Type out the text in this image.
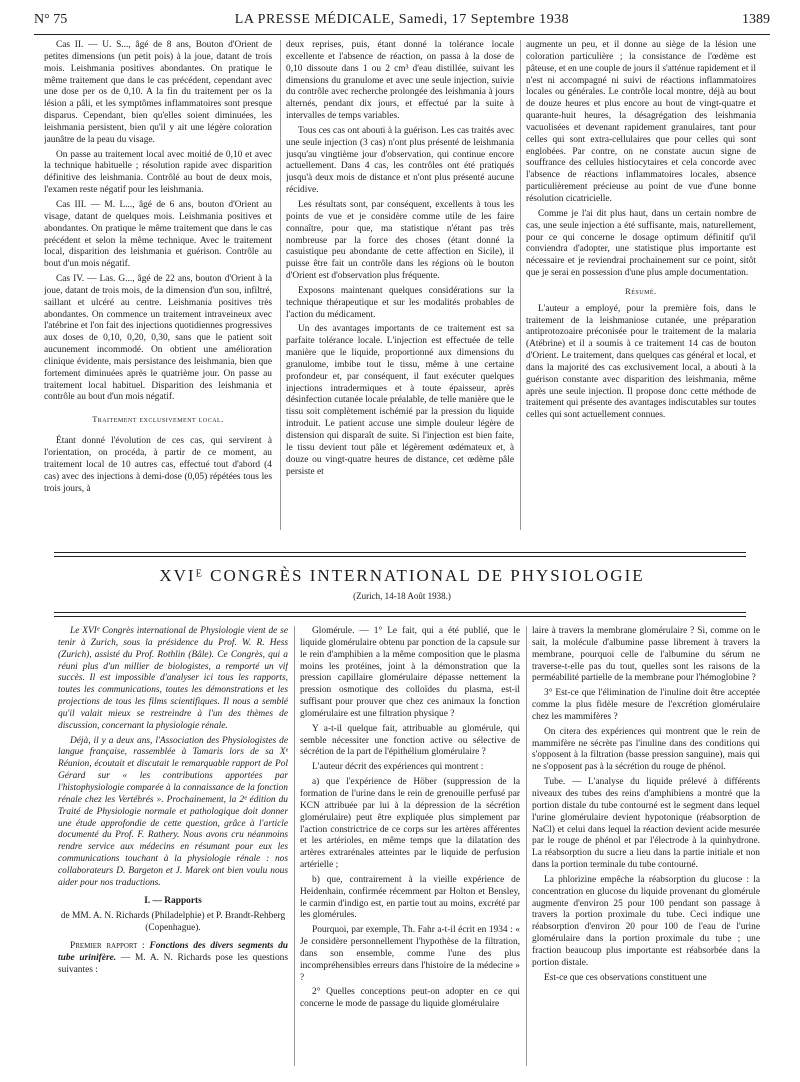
N° 75	LA PRESSE MÉDICALE, Samedi, 17 Septembre 1938	1389

Cas II. — U. S..., âgé de 8 ans, Bouton d'Orient de petites dimensions (un petit pois) à la joue, datant de trois mois. Leishmania positives abondantes. On pratique le même traitement que dans le cas précédent, cependant avec une dose per os de 0,10. A la fin du traitement per os la lésion a pâli, et les symptômes inflammatoires sont presque disparus. Cependant, bien qu'elles soient diminuées, les leishmania persistent, bien qu'il y ait une légère coloration jaunâtre de la peau du visage.

On passe au traitement local avec moitié de 0,10 et avec la technique habituelle ; résolution rapide avec disparition définitive des leishmania. Contrôlé au bout de deux mois, l'examen reste négatif pour les leishmania.

Cas III. — M. L..., âgé de 6 ans, bouton d'Orient au visage, datant de quelques mois. Leishmania positives et abondantes. On pratique le même traitement que dans le cas précédent et selon la même technique. Avec le traitement local, disparition des leishmania et guérison. Contrôle au bout d'un mois négatif.

Cas IV. — Las. G..., âgé de 22 ans, bouton d'Orient à la joue, datant de trois mois, de la dimension d'un sou, infiltré, saillant et ulcéré au centre. Leishmania positives très abondantes. On commence un traitement intraveineux avec l'atébrine et l'on fait des injections quotidiennes progressives aux doses de 0,10, 0,20, 0,30, sans que le patient soit aucunement incommodé. On obtient une amélioration clinique évidente, mais persistance des leishmania, bien que fortement diminuées après le quatrième jour. On passe au traitement local habituel. Disparition des leishmania et contrôle au bout d'un mois négatif.

Traitement exclusivement local.

Étant donné l'évolution de ces cas, qui servirent à l'orientation, on procéda, à partir de ce moment, au traitement local de 10 autres cas, effectué tout d'abord (4 cas) avec des injections à demi-dose (0,05) répétées tous les trois jours, à

deux reprises, puis, étant donné la tolérance locale excellente et l'absence de réaction, on passa à la dose de 0,10 dissoute dans 1 ou 2 cm³ d'eau distillée, suivant les dimensions du granulome et avec une seule injection, suivie du contrôle avec recherche prolongée des leishmania à jours alternés, pendant dix jours, et effectué par la suite à intervalles de temps variables.

Tous ces cas ont abouti à la guérison. Les cas traités avec une seule injection (3 cas) n'ont plus présenté de leishmania jusqu'au vingtième jour d'observation, qui continue encore actuellement. Dans 4 cas, les contrôles ont été pratiqués jusqu'à deux mois de distance et n'ont plus présenté aucune récidive.

Les résultats sont, par conséquent, excellents à tous les points de vue et je considère comme utile de les faire connaître, pour que, ma statistique n'étant pas très nombreuse par la force des choses (étant donné la casuistique peu abondante de cette affection en Sicile), il puisse être fait un contrôle dans les régions où le bouton d'Orient est d'observation plus fréquente.

Exposons maintenant quelques considérations sur la technique thérapeutique et sur les modalités probables de l'action du médicament.

Un des avantages importants de ce traitement est sa parfaite tolérance locale. L'injection est effectuée de telle manière que le liquide, proportionné aux dimensions du granulome, imbibe tout le tissu, même à une certaine profondeur et, par conséquent, il faut exécuter quelques injections intradermiques et à toute épaisseur, après désinfection cutanée locale préalable, de telle manière que le tissu soit complètement ischémié par la pression du liquide introduit. Le patient accuse une simple douleur légère de distension qui disparaît de suite. Si l'injection est bien faite, le tissu devient tout pâle et légèrement œdémateux et, à douze ou vingt-quatre heures de distance, cet œdème pâle persiste et

augmente un peu, et il donne au siège de la lésion une coloration particulière ; la consistance de l'œdème est pâteuse, et en une couple de jours il s'atténue rapidement et il n'est ni accompagné ni suivi de réactions inflammatoires locales ou générales. Le contrôle local montre, déjà au bout de douze heures et plus encore au bout de vingt-quatre et quarante-huit heures, la désagrégation des leishmania vacuolisées et devenant rapidement granulaires, tant pour celles qui sont extra-cellulaires que pour celles qui sont englobées. Par contre, on ne constate aucun signe de souffrance des cellules histiocytaires et cela concorde avec l'absence de réactions inflammatoires locales, absence particulièrement précieuse au point de vue d'une bonne résolution cicatricielle.

Comme je l'ai dit plus haut, dans un certain nombre de cas, une seule injection a été suffisante, mais, naturellement, pour ce qui concerne le dosage optimum définitif qu'il conviendra d'adopter, une statistique plus importante est nécessaire et je reviendrai prochainement sur ce point, sitôt que je serai en possession d'une plus ample documentation.

Résumé.

L'auteur a employé, pour la première fois, dans le traitement de la leishmaniose cutanée, une préparation antiprotozoaire préconisée pour le traitement de la malaria (Atébrine) et il a soumis à ce traitement 14 cas de bouton d'Orient. Le traitement, dans quelques cas général et local, et dans la majorité des cas exclusivement local, a abouti à la guérison constante avec disparition des leishmania, même après une seule injection. Il propose donc cette méthode de traitement qui présente des avantages indiscutables sur toutes celles qui sont actuellement connues.

XVIᴱ CONGRÈS INTERNATIONAL DE PHYSIOLOGIE
(Zurich, 14-18 Août 1938.)

Le XVIᵉ Congrès international de Physiologie vient de se tenir à Zurich, sous la présidence du Prof. W. R. Hess (Zurich), assisté du Prof. Rothlin (Bâle). Ce Congrès, qui a réuni plus d'un millier de biologistes, a remporté un vif succès. Il est impossible d'analyser ici tous les rapports, toutes les communications, toutes les démonstrations et les projections de tous les films scientifiques. Il nous a semblé qu'il valait mieux se restreindre à l'un des thèmes de discussion, concernant la physiologie rénale.

Déjà, il y a deux ans, l'Association des Physiologistes de langue française, rassemblée à Tamaris lors de sa Xᵉ Réunion, écoutait et discutait le remarquable rapport de Pol Gérard sur « les contributions apportées par l'histophysiologie comparée à la connaissance de la fonction rénale chez les Vertébrés ». Prochainement, la 2ᵉ édition du Traité de Physiologie normale et pathologique doit donner une étude approfondie de cette question, grâce à l'article documenté du Prof. F. Rathery. Nous avons cru néanmoins rendre service aux médecins en résumant pour eux les communications touchant à la physiologie rénale : nos collaborateurs D. Bargeton et J. Marek ont bien voulu nous aider pour nos traductions.

I. — Rapports

de MM. A. N. Richards (Philadelphie) et P. Brandt-Rehberg (Copenhague).

Premier rapport : Fonctions des divers segments du tube urinifère. — M. A. N. Richards pose les questions suivantes :

Glomérule. — 1° Le fait, qui a été publié, que le liquide glomérulaire obtenu par ponction de la capsule sur le rein d'amphibien a la même composition que le plasma moins les protéines, joint à la démonstration que la pression capillaire glomérulaire dépasse nettement la pression osmotique des colloïdes du plasma, est-il suffisant pour prouver que chez ces animaux la fonction glomérulaire est une filtration physique ?

Y a-t-il quelque fait, attribuable au glomérule, qui semble nécessiter une fonction active ou sélective de sécrétion de la part de l'épithélium glomérulaire ?

L'auteur décrit des expériences qui montrent :

a) que l'expérience de Höber (suppression de la formation de l'urine dans le rein de grenouille perfusé par KCN attribuée par lui à la dépression de la sécrétion glomérulaire) peut être expliquée plus simplement par l'action constrictrice de ce corps sur les artères afférentes et les artérioles, en même temps que la dilatation des artères extrarénales atteintes par le liquide de perfusion artérielle ;

b) que, contrairement à la vieille expérience de Heidenhain, confirmée récemment par Holton et Bensley, le carmin d'indigo est, en partie tout au moins, excrété par les glomérules.

Pourquoi, par exemple, Th. Fahr a-t-il écrit en 1934 : « Je considère personnellement l'hypothèse de la filtration, dans son ensemble, comme l'une des plus incompréhensibles erreurs dans l'histoire de la médecine » ?

2° Quelles conceptions peut-on adopter en ce qui concerne le mode de passage du liquide glomérulaire

laire à travers la membrane glomérulaire ? Si, comme on le sait, la molécule d'albumine passe librement à travers la membrane, pourquoi celle de l'albumine du sérum ne traverse-t-elle pas du tout, quelles sont les raisons de la perméabilité partielle de la membrane pour l'hémoglobine ?

3° Est-ce que l'élimination de l'inuline doit être acceptée comme la plus fidèle mesure de l'excrétion glomérulaire chez les mammifères ?

On citera des expériences qui montrent que le rein de mammifère ne sécrète pas l'inuline dans des conditions qui s'opposent à la filtration (basse pression sanguine), mais qui ne s'opposent pas à la sécrétion du rouge de phénol.

Tube. — L'analyse du liquide prélevé à différents niveaux des tubes des reins d'amphibiens a montré que la portion distale du tube contourné est le segment dans lequel l'urine glomérulaire devient hypotonique (réabsorption de NaCl) et celui dans lequel la réaction devient acide mesurée par le rouge de phénol et par l'électrode à la quinhydrone. La réabsorption du sucre a lieu dans la partie initiale et non dans la portion terminale du tube contourné.

La phlorizine empêche la réabsorption du glucose : la concentration en glucose du liquide provenant du glomérule augmente d'environ 25 pour 100 pendant son passage à travers la portion proximale du tube. Ceci indique une réabsorption d'environ 20 pour 100 de l'eau de l'urine glomérulaire dans la portion proximale du tube ; une fraction beaucoup plus importante est réabsorbée dans la portion distale.

Est-ce que ces observations constituent une
